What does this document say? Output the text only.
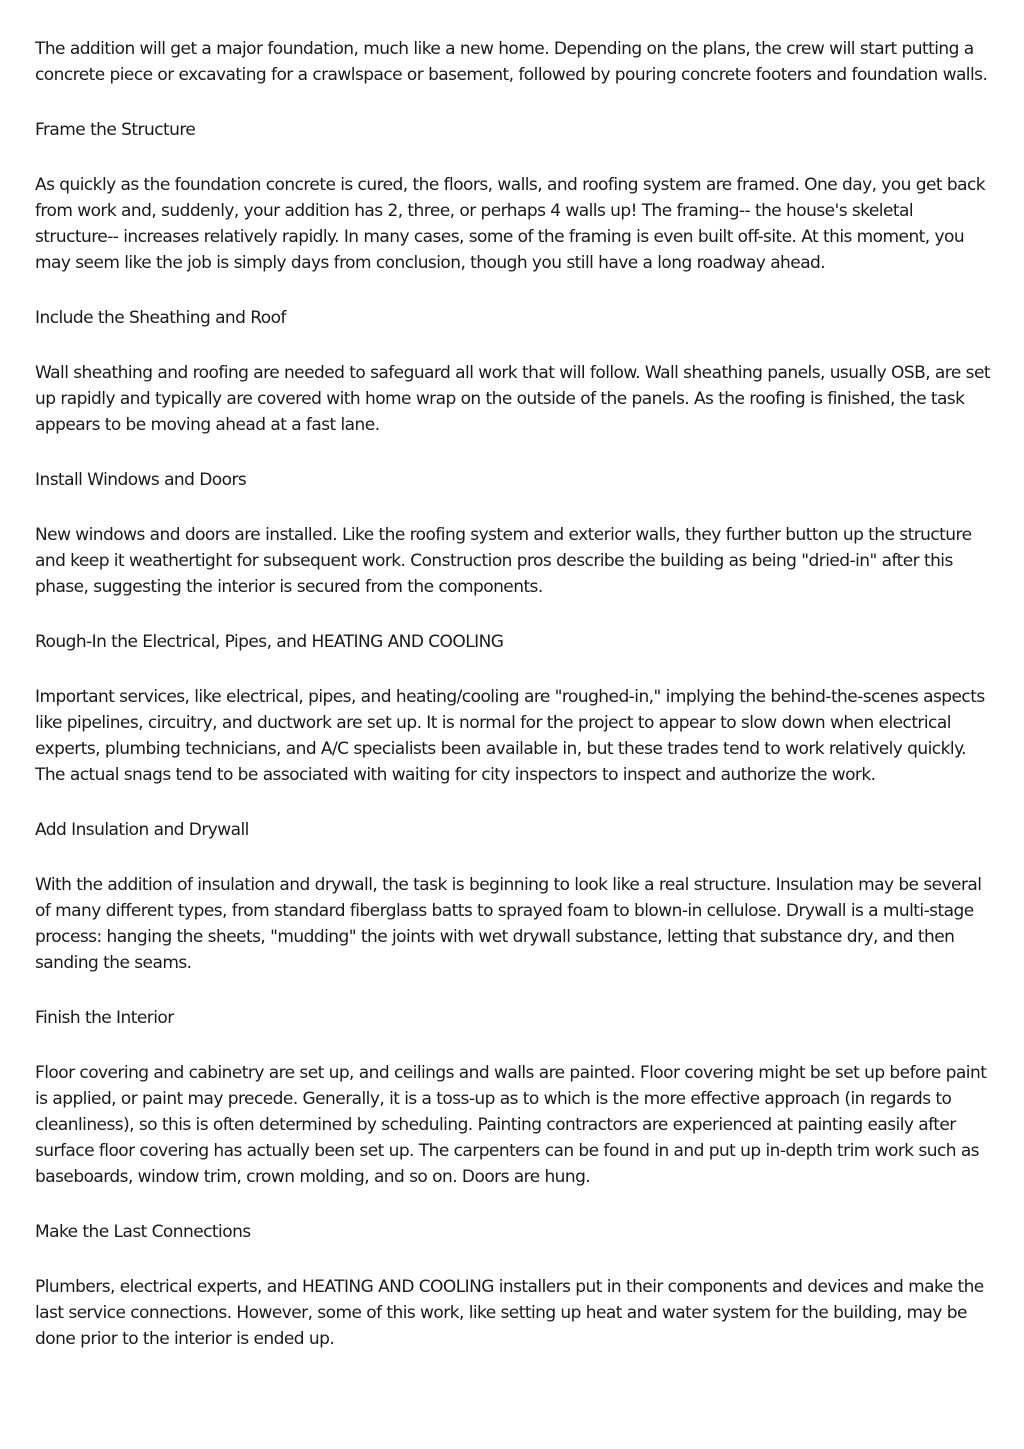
The addition will get a major foundation, much like a new home. Depending on the plans, the crew will start putting a concrete piece or excavating for a crawlspace or basement, followed by pouring concrete footers and foundation walls.

Frame the Structure

As quickly as the foundation concrete is cured, the floors, walls, and roofing system are framed. One day, you get back from work and, suddenly, your addition has 2, three, or perhaps 4 walls up! The framing-- the house's skeletal structure-- increases relatively rapidly. In many cases, some of the framing is even built off-site. At this moment, you may seem like the job is simply days from conclusion, though you still have a long roadway ahead.

Include the Sheathing and Roof

Wall sheathing and roofing are needed to safeguard all work that will follow. Wall sheathing panels, usually OSB, are set up rapidly and typically are covered with home wrap on the outside of the panels. As the roofing is finished, the task appears to be moving ahead at a fast lane.

Install Windows and Doors

New windows and doors are installed. Like the roofing system and exterior walls, they further button up the structure and keep it weathertight for subsequent work. Construction pros describe the building as being "dried-in" after this phase, suggesting the interior is secured from the components.

Rough-In the Electrical, Pipes, and HEATING AND COOLING

Important services, like electrical, pipes, and heating/cooling are "roughed-in," implying the behind-the-scenes aspects like pipelines, circuitry, and ductwork are set up. It is normal for the project to appear to slow down when electrical experts, plumbing technicians, and A/C specialists been available in, but these trades tend to work relatively quickly. The actual snags tend to be associated with waiting for city inspectors to inspect and authorize the work.

Add Insulation and Drywall

With the addition of insulation and drywall, the task is beginning to look like a real structure. Insulation may be several of many different types, from standard fiberglass batts to sprayed foam to blown-in cellulose. Drywall is a multi-stage process: hanging the sheets, "mudding" the joints with wet drywall substance, letting that substance dry, and then sanding the seams.

Finish the Interior

Floor covering and cabinetry are set up, and ceilings and walls are painted. Floor covering might be set up before paint is applied, or paint may precede. Generally, it is a toss-up as to which is the more effective approach (in regards to cleanliness), so this is often determined by scheduling. Painting contractors are experienced at painting easily after surface floor covering has actually been set up. The carpenters can be found in and put up in-depth trim work such as baseboards, window trim, crown molding, and so on. Doors are hung.

Make the Last Connections

Plumbers, electrical experts, and HEATING AND COOLING installers put in their components and devices and make the last service connections. However, some of this work, like setting up heat and water system for the building, may be done prior to the interior is ended up.
